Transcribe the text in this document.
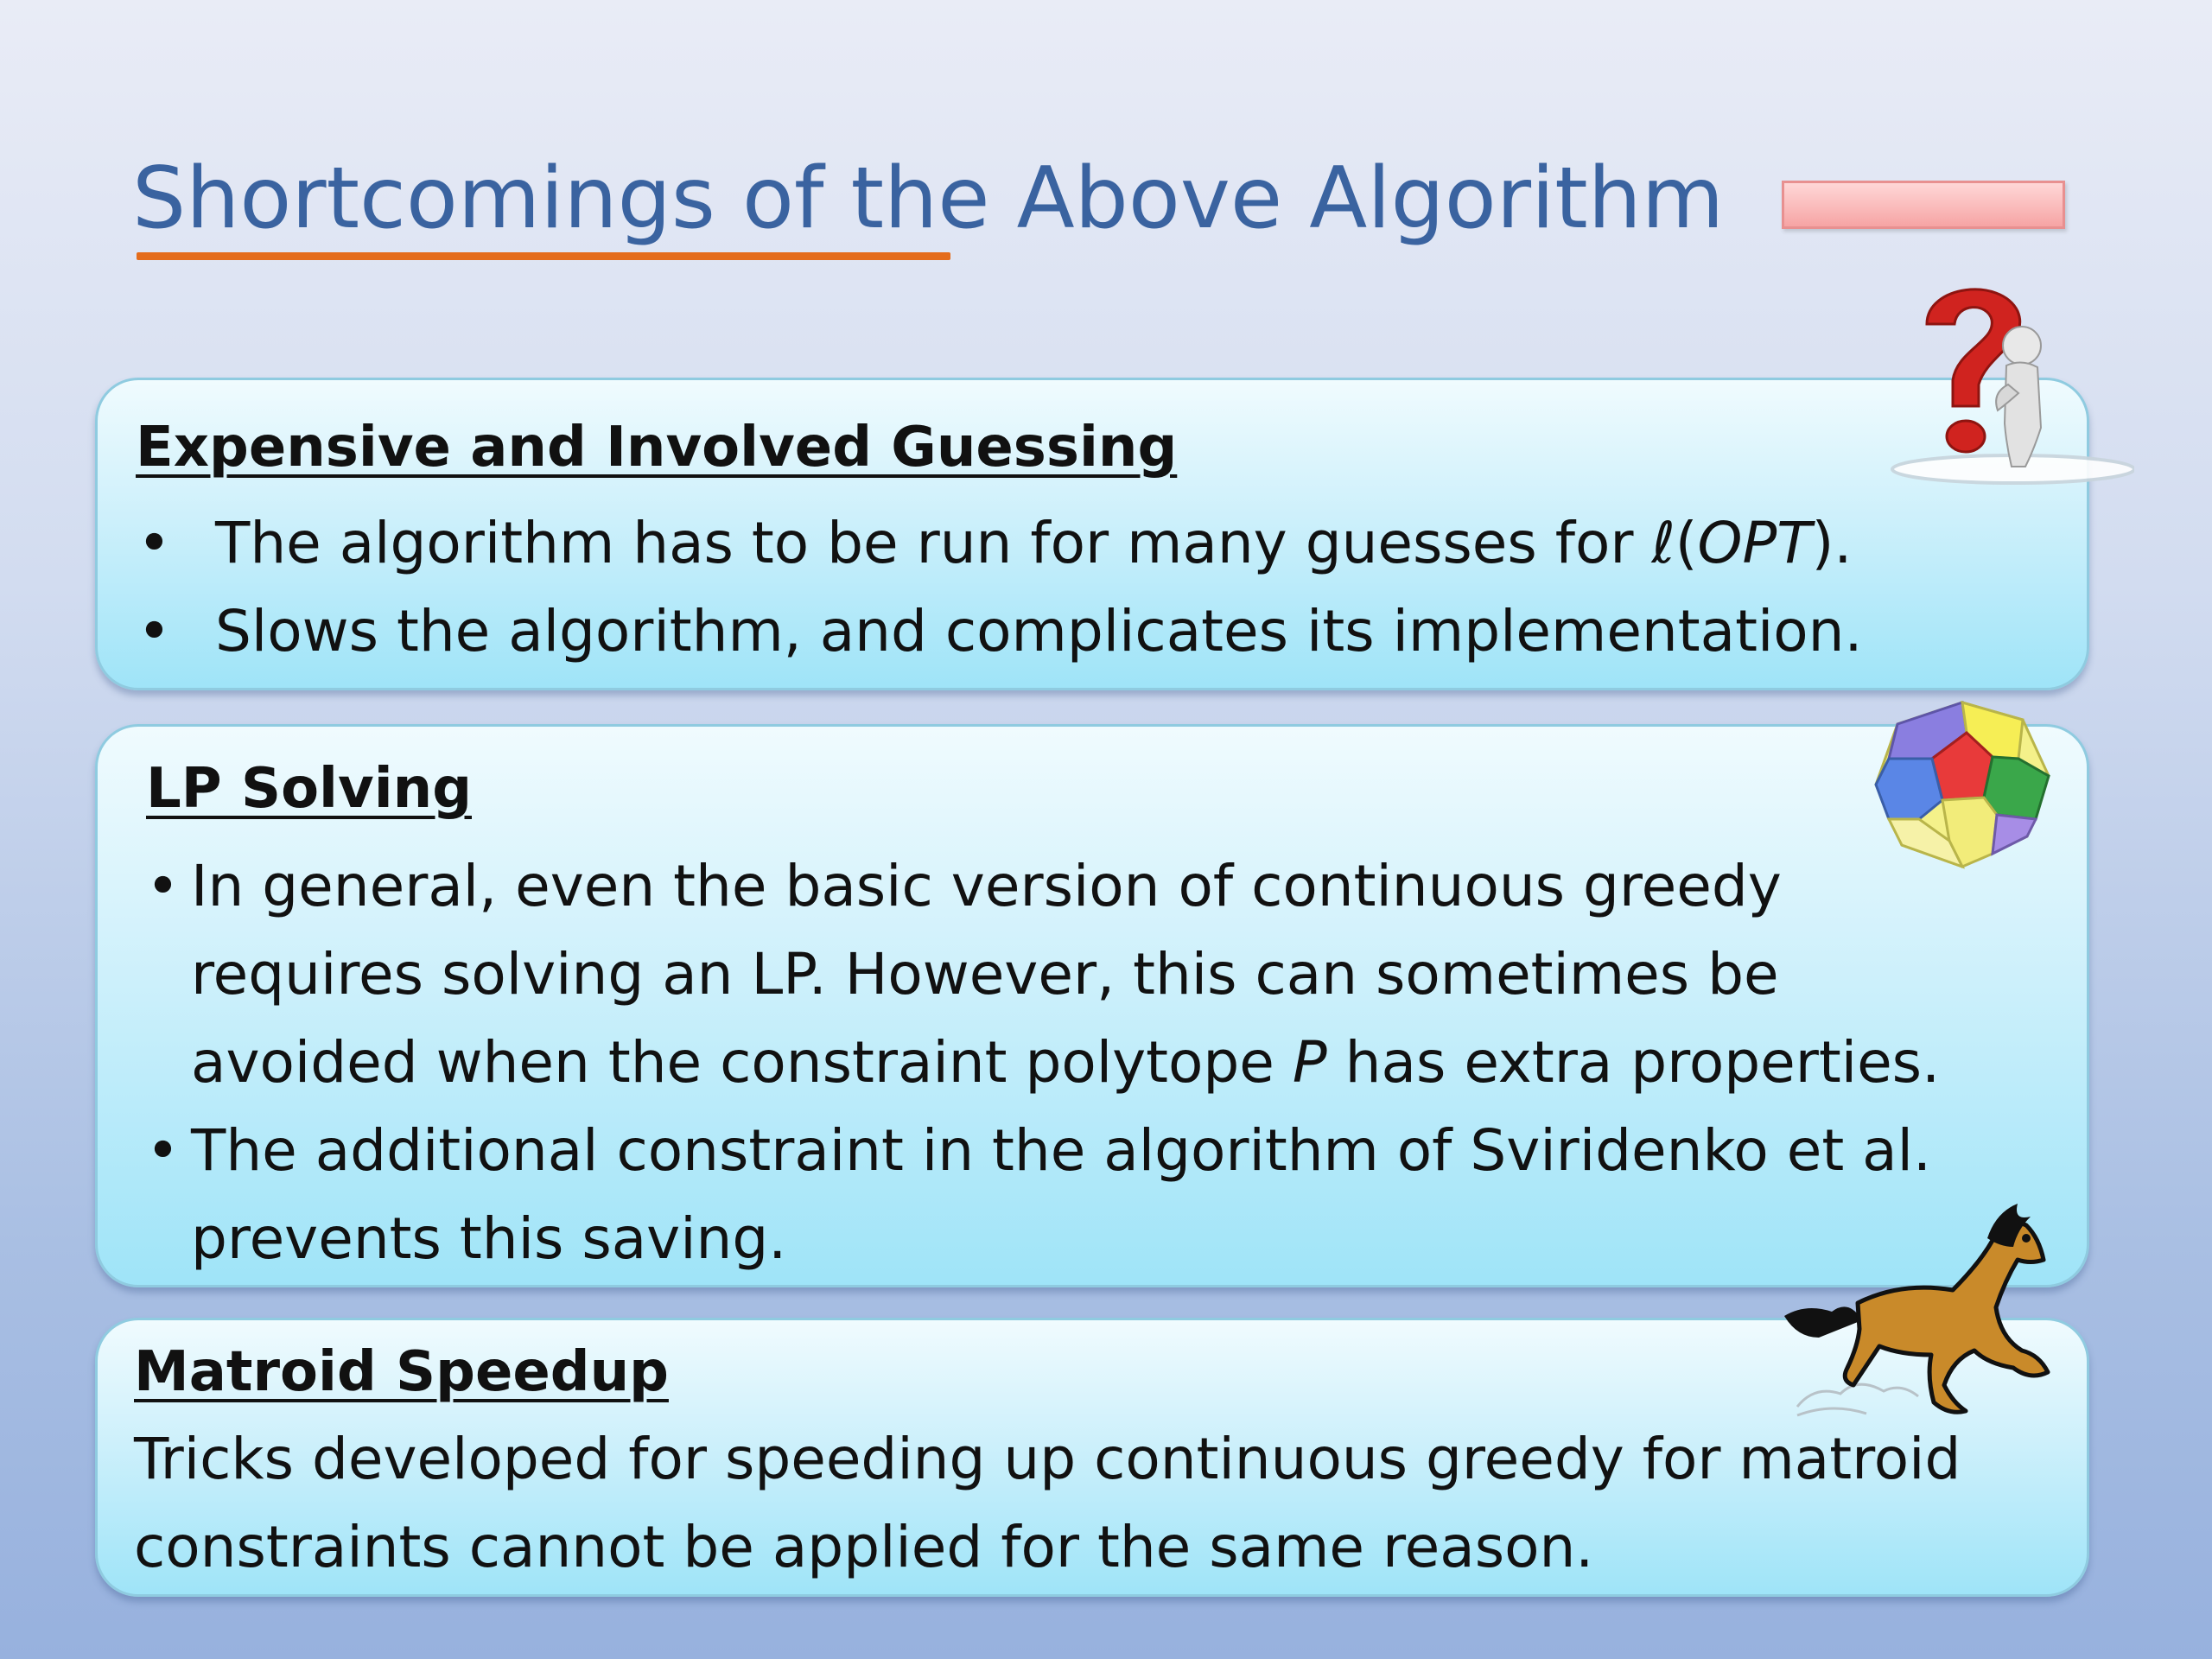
Shortcomings of the Above Algorithm
Expensive and Involved Guessing
• The algorithm has to be run for many guesses for ℓ(OPT).
• Slows the algorithm, and complicates its implementation.
LP Solving
• In general, even the basic version of continuous greedy
requires solving an LP. However, this can sometimes be
avoided when the constraint polytope P has extra properties.
• The additional constraint in the algorithm of Sviridenko et al.
prevents this saving.
Matroid Speedup

Tricks developed for speeding up continuous greedy for matroid
constraints cannot be applied for the same reason.
